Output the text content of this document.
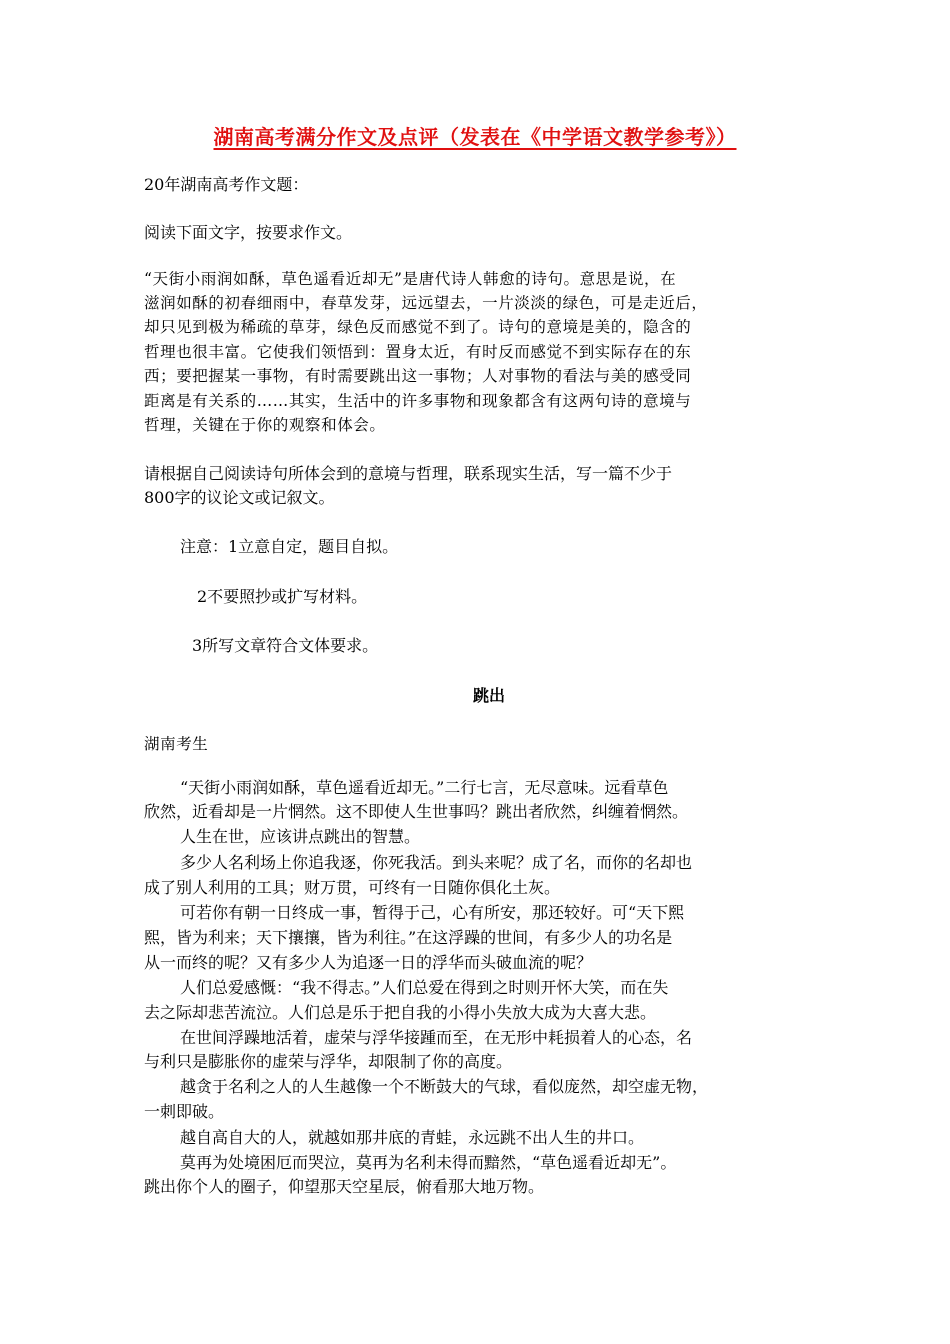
湖南高考满分作文及点评（发表在《中学语文教学参考》）
20年湖南高考作文题：
阅读下面文字，按要求作文。
“天街小雨润如酥，草色遥看近却无”是唐代诗人韩愈的诗句。意思是说，在
滋润如酥的初春细雨中，春草发芽，远远望去，一片淡淡的绿色，可是走近后，
却只见到极为稀疏的草芽，绿色反而感觉不到了。诗句的意境是美的，隐含的
哲理也很丰富。它使我们领悟到：置身太近，有时反而感觉不到实际存在的东
西；要把握某一事物，有时需要跳出这一事物；人对事物的看法与美的感受同
距离是有关系的……其实，生活中的许多事物和现象都含有这两句诗的意境与
哲理，关键在于你的观察和体会。
请根据自己阅读诗句所体会到的意境与哲理，联系现实生活，写一篇不少于
800字的议论文或记叙文。
注意：1立意自定，题目自拟。
2不要照抄或扩写材料。
3所写文章符合文体要求。
跳出
湖南考生
“天街小雨润如酥，草色遥看近却无。”二行七言，无尽意味。远看草色
欣然，近看却是一片惘然。这不即使人生世事吗？跳出者欣然，纠缠着惘然。
人生在世，应该讲点跳出的智慧。
多少人名利场上你追我逐，你死我活。到头来呢？成了名，而你的名却也
成了别人利用的工具；财万贯，可终有一日随你俱化土灰。
可若你有朝一日终成一事，暂得于己，心有所安，那还较好。可“天下熙
熙，皆为利来；天下攘攘，皆为利往。”在这浮躁的世间，有多少人的功名是
从一而终的呢？又有多少人为追逐一日的浮华而头破血流的呢？
人们总爱感慨：“我不得志。”人们总爱在得到之时则开怀大笑，而在失
去之际却悲苦流泣。人们总是乐于把自我的小得小失放大成为大喜大悲。
在世间浮躁地活着，虚荣与浮华接踵而至，在无形中耗损着人的心态，名
与利只是膨胀你的虚荣与浮华，却限制了你的高度。
越贪于名利之人的人生越像一个不断鼓大的气球，看似庞然，却空虚无物，
一刺即破。
越自高自大的人，就越如那井底的青蛙，永远跳不出人生的井口。
莫再为处境困厄而哭泣，莫再为名利未得而黯然，“草色遥看近却无”。
跳出你个人的圈子，仰望那天空星辰，俯看那大地万物。
